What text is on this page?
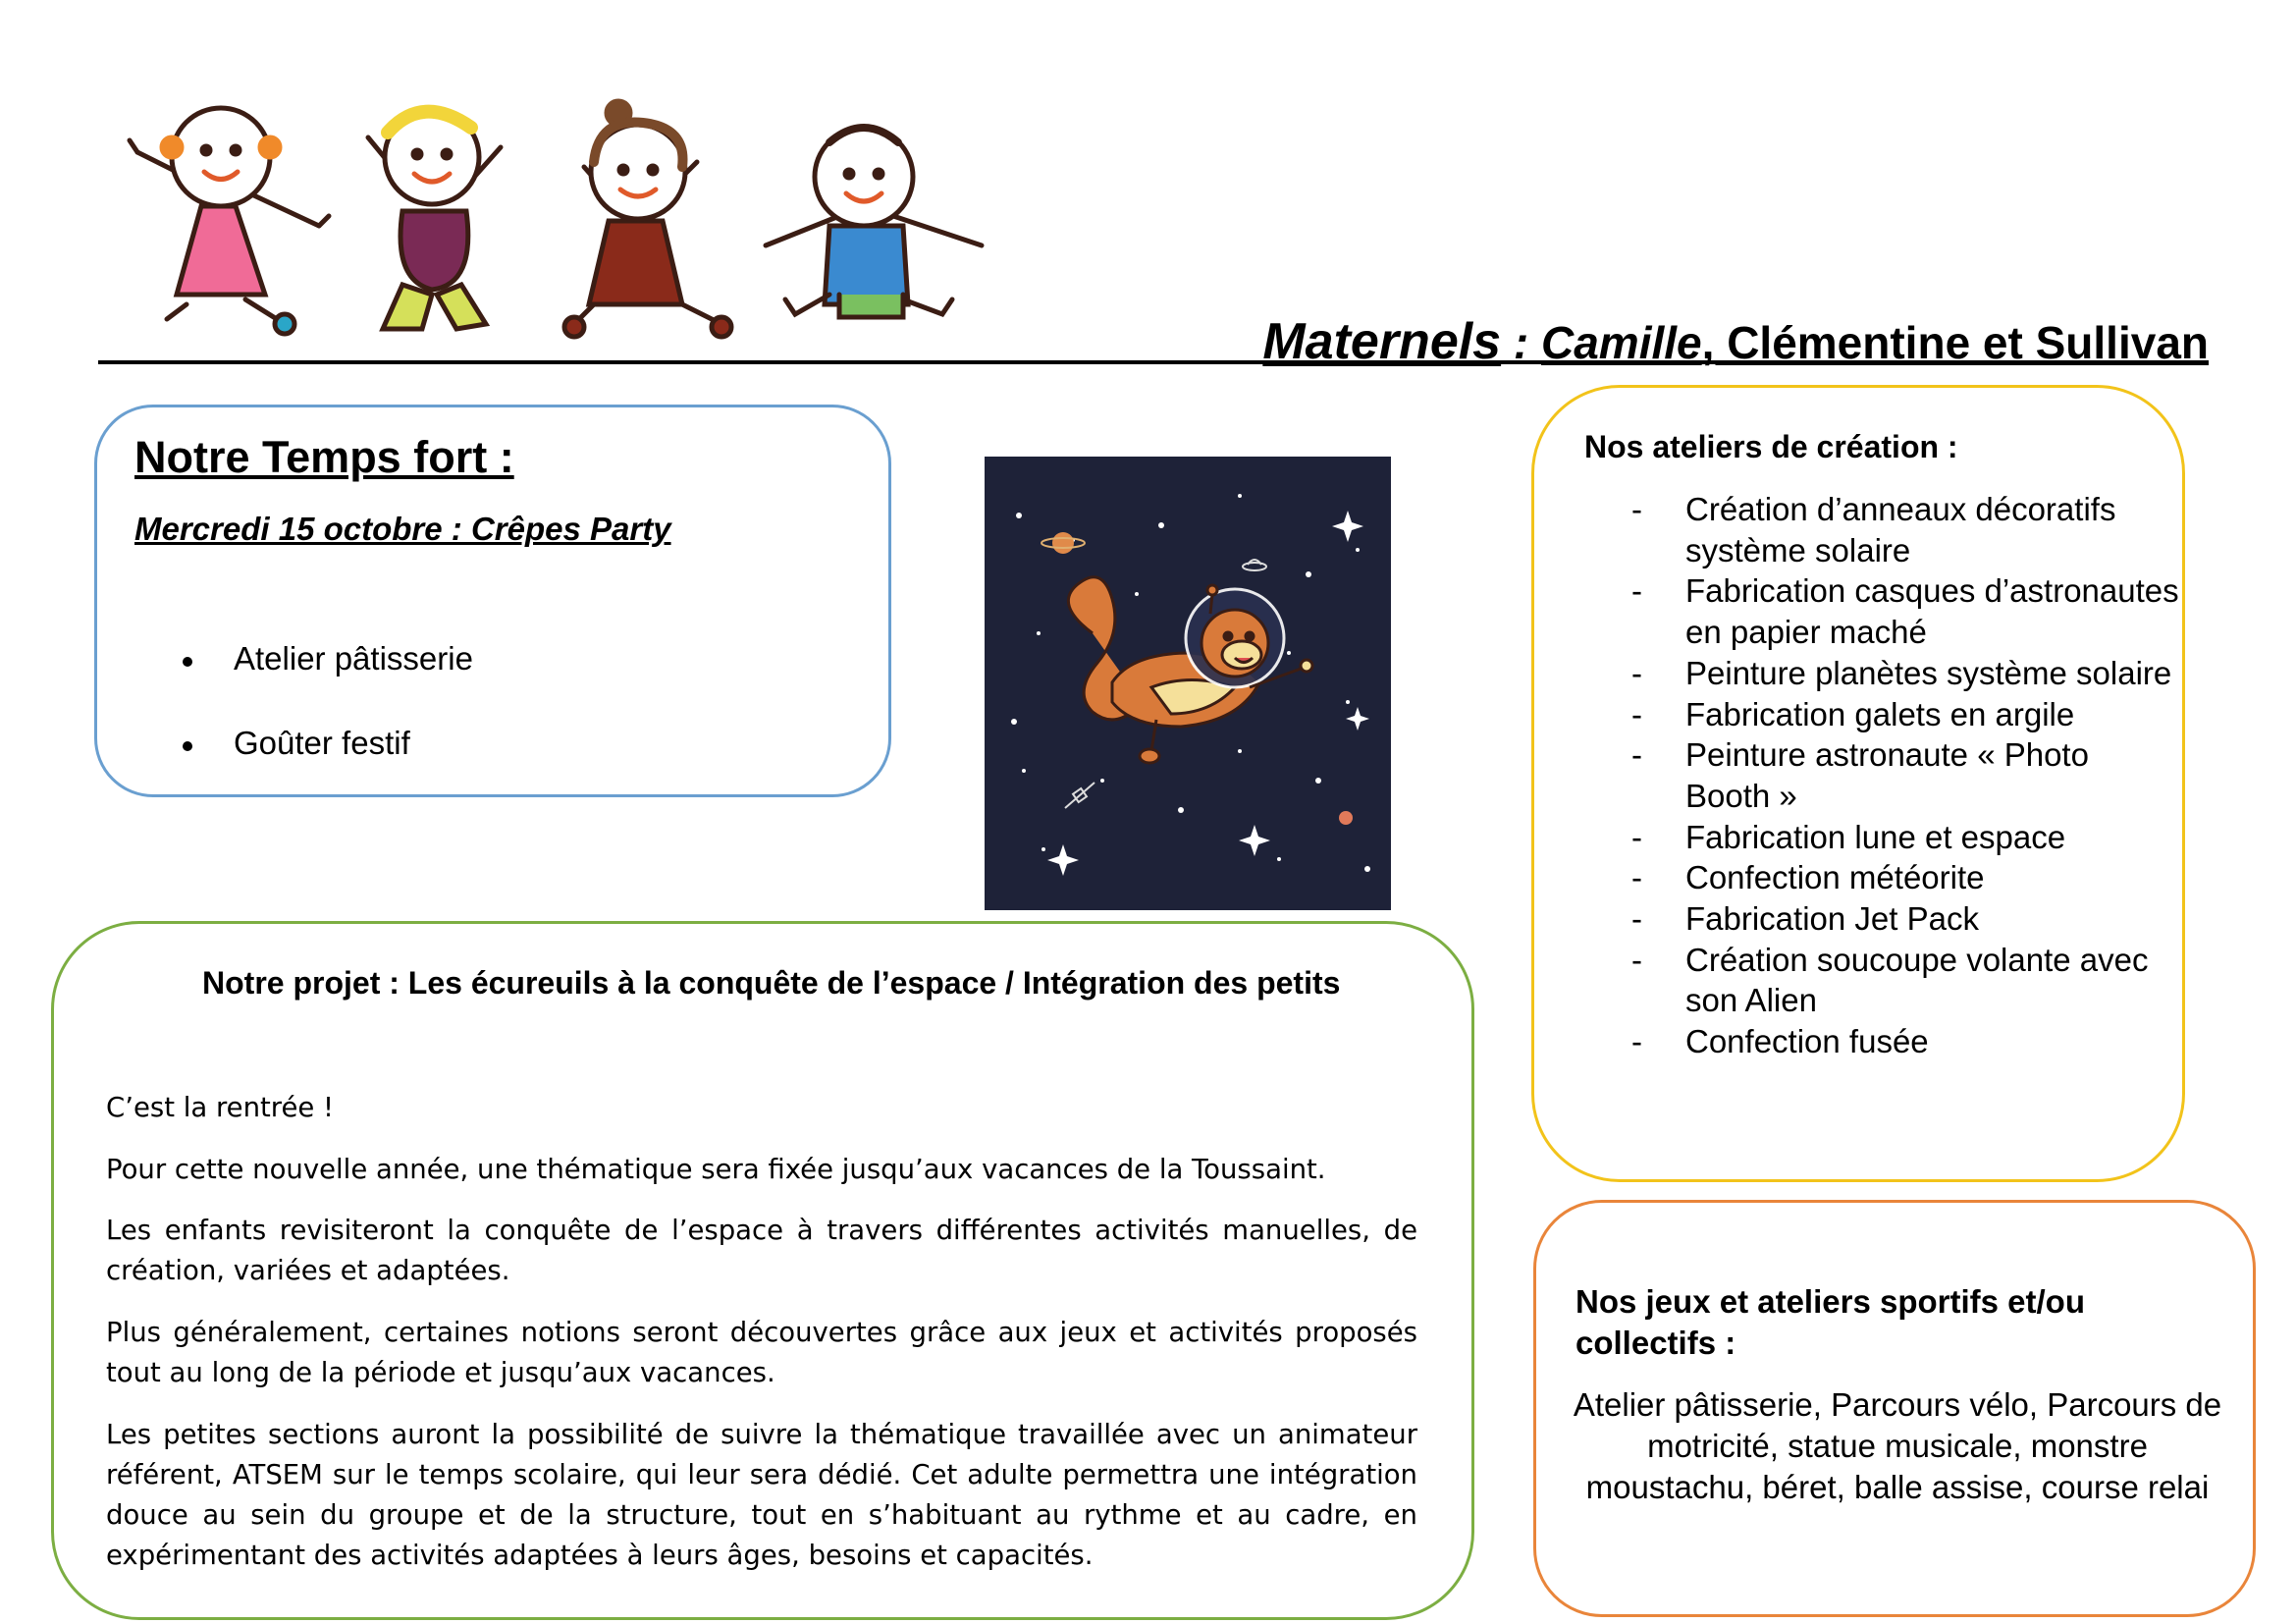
Maternels : Camille, Clémentine et Sullivan
Notre Temps fort :
Mercredi 15 octobre : Crêpes Party
Atelier pâtisserie
Goûter festif
Notre projet : Les écureuils à la conquête de l’espace / Intégration des petits

C’est la rentrée !

Pour cette nouvelle année, une thématique sera fixée jusqu’aux vacances de la Toussaint.

Les enfants revisiteront la conquête de l’espace à travers différentes activités manuelles, de création, variées et adaptées.

Plus généralement, certaines notions seront découvertes grâce aux jeux et activités proposés tout au long de la période et jusqu’aux vacances.

Les petites sections auront la possibilité de suivre la thématique travaillée avec un animateur référent, ATSEM sur le temps scolaire, qui leur sera dédié. Cet adulte permettra une intégration douce au sein du groupe et de la structure, tout en s’habituant au rythme et au cadre, en expérimentant des activités adaptées à leurs âges, besoins et capacités.

Nos ateliers de création :
- Création d’anneaux décoratifs système solaire
- Fabrication casques d’astronautes en papier maché
- Peinture planètes système solaire
- Fabrication galets en argile
- Peinture astronaute « Photo Booth »
- Fabrication lune et espace
- Confection météorite
- Fabrication Jet Pack
- Création soucoupe volante avec son Alien
- Confection fusée
Nos jeux et ateliers sportifs et/ou collectifs :
Atelier pâtisserie, Parcours vélo, Parcours de motricité, statue musicale, monstre moustachu, béret, balle assise, course relai
